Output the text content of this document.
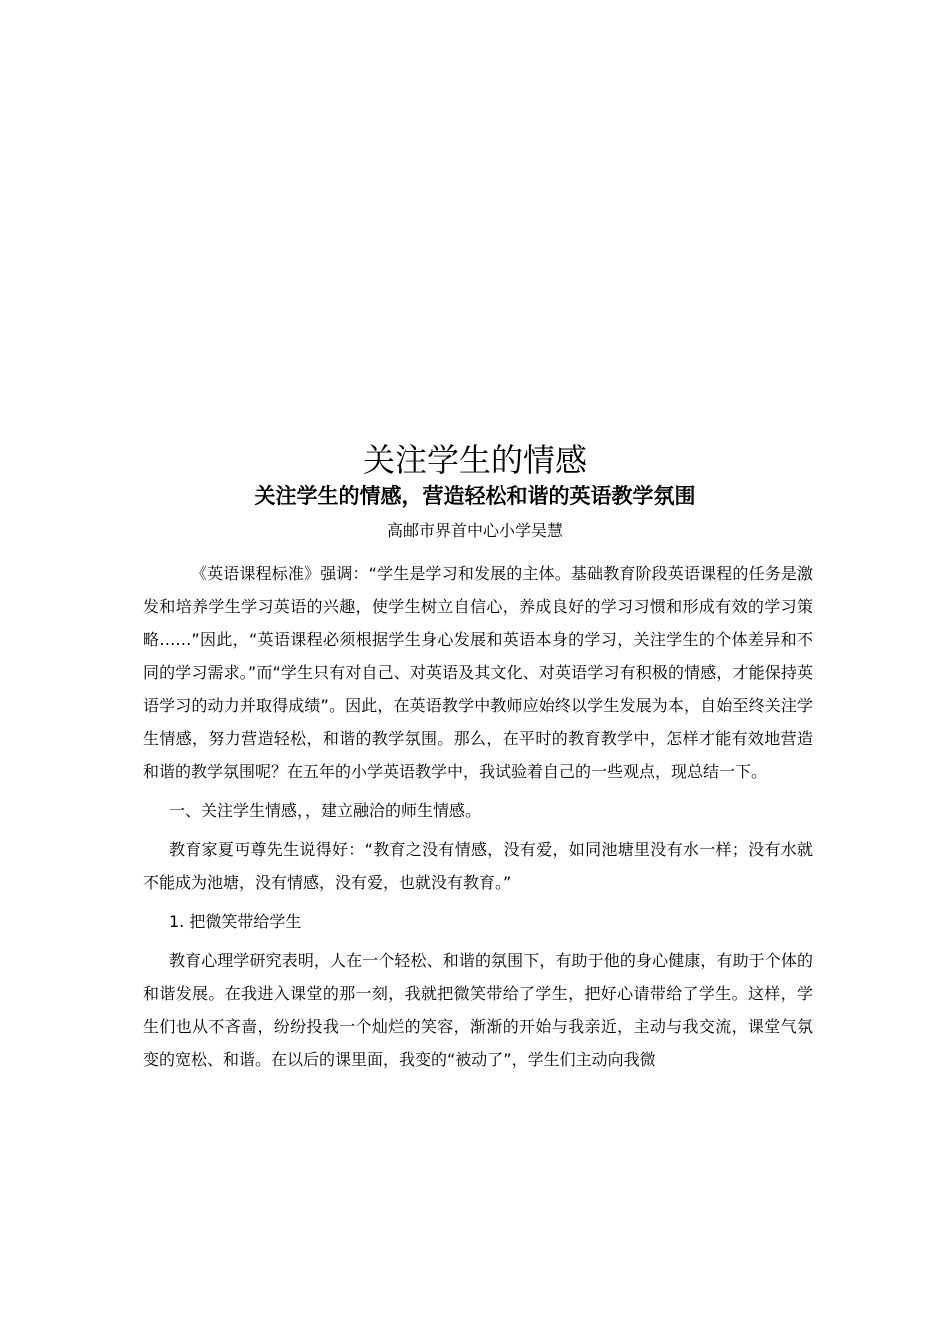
关注学生的情感
关注学生的情感，营造轻松和谐的英语教学氛围

高邮市界首中心小学吴慧

《英语课程标准》强调：“学生是学习和发展的主体。基础教育阶段英语课程的任务是激发和培养学生学习英语的兴趣，使学生树立自信心，养成良好的学习习惯和形成有效的学习策略……”因此，“英语课程必须根据学生身心发展和英语本身的学习，关注学生的个体差异和不同的学习需求。”而“学生只有对自己、对英语及其文化、对英语学习有积极的情感，才能保持英语学习的动力并取得成绩”。因此，在英语教学中教师应始终以学生发展为本，自始至终关注学生情感，努力营造轻松，和谐的教学氛围。那么，在平时的教育教学中，怎样才能有效地营造和谐的教学氛围呢？在五年的小学英语教学中，我试验着自己的一些观点，现总结一下。

一、关注学生情感，，建立融洽的师生情感。

教育家夏丏尊先生说得好：“教育之没有情感，没有爱，如同池塘里没有水一样；没有水就不能成为池塘，没有情感，没有爱，也就没有教育。”

1. 把微笑带给学生

教育心理学研究表明，人在一个轻松、和谐的氛围下，有助于他的身心健康，有助于个体的和谐发展。在我进入课堂的那一刻，我就把微笑带给了学生，把好心请带给了学生。这样，学生们也从不吝啬，纷纷投我一个灿烂的笑容，渐渐的开始与我亲近，主动与我交流，课堂气氛变的宽松、和谐。在以后的课里面，我变的“被动了”，学生们主动向我微
